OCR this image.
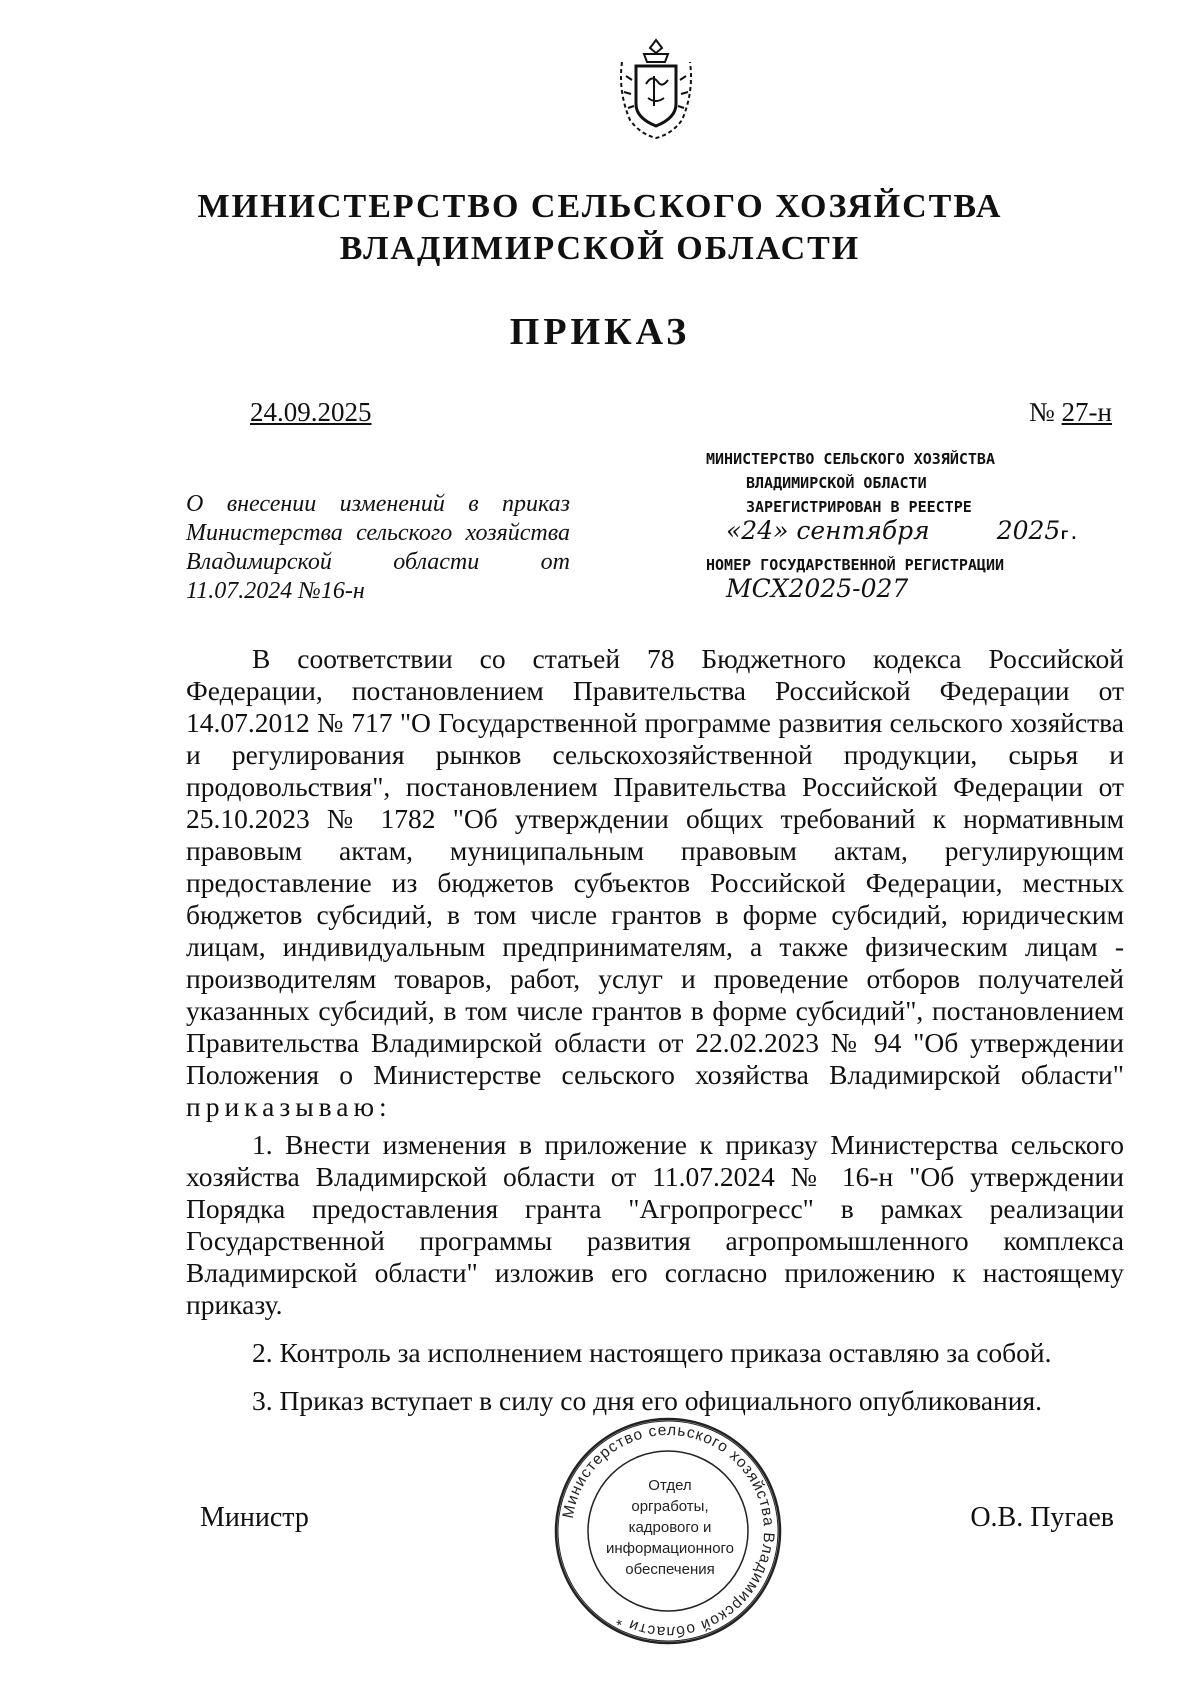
МИНИСТЕРСТВО СЕЛЬСКОГО ХОЗЯЙСТВА
ВЛАДИМИРСКОЙ ОБЛАСТИ
ПРИКАЗ
24.09.2025	№ 27-н
МИНИСТЕРСТВО СЕЛЬСКОГО ХОЗЯЙСТВА
ВЛАДИМИРСКОЙ ОБЛАСТИ
ЗАРЕГИСТРИРОВАН В РЕЕСТРЕ
«24» сентября	2025г.
НОМЕР ГОСУДАРСТВЕННОЙ РЕГИСТРАЦИИ
МСХ2025-027
О внесении изменений в приказ Министерства сельского хозяйства Владимирской области от 11.07.2024 №16-н

В соответствии со статьей 78 Бюджетного кодекса Российской Федерации, постановлением Правительства Российской Федерации от 14.07.2012 № 717 "О Государственной программе развития сельского хозяйства и регулирования рынков сельскохозяйственной продукции, сырья и продовольствия", постановлением Правительства Российской Федерации от 25.10.2023 № 1782 "Об утверждении общих требований к нормативным правовым актам, муниципальным правовым актам, регулирующим предоставление из бюджетов субъектов Российской Федерации, местных бюджетов субсидий, в том числе грантов в форме субсидий, юридическим лицам, индивидуальным предпринимателям, а также физическим лицам - производителям товаров, работ, услуг и проведение отборов получателей указанных субсидий, в том числе грантов в форме субсидий", постановлением Правительства Владимирской области от 22.02.2023 № 94 "Об утверждении Положения о Министерстве сельского хозяйства Владимирской области" приказываю:

1. Внести изменения в приложение к приказу Министерства сельского хозяйства Владимирской области от 11.07.2024 № 16-н "Об утверждении Порядка предоставления гранта "Агропрогресс" в рамках реализации Государственной программы развития агропромышленного комплекса Владимирской области" изложив его согласно приложению к настоящему приказу.

2. Контроль за исполнением настоящего приказа оставляю за собой.

3. Приказ вступает в силу со дня его официального опубликования.

Министр	О.В. Пугаев
Министерство сельского хозяйства Владимирской области *
Отдел
оргработы,
кадрового и
информационного
обеспечения
